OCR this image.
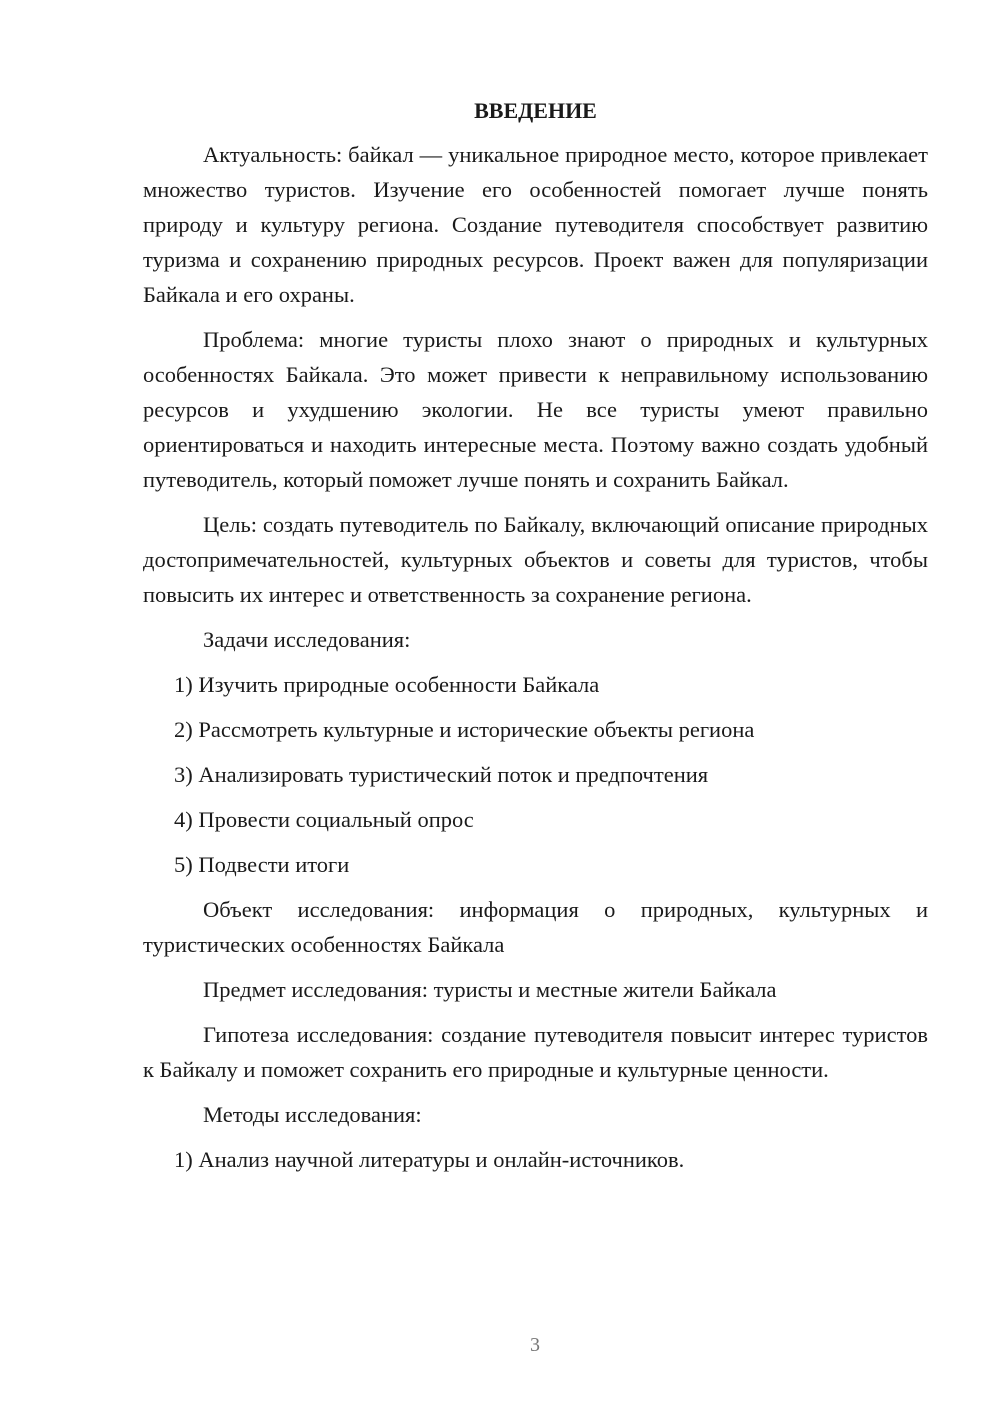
ВВЕДЕНИЕ

Актуальность: байкал — уникальное природное место, которое привлекает множество туристов. Изучение его особенностей помогает лучше понять природу и культуру региона. Создание путеводителя способствует развитию туризма и сохранению природных ресурсов. Проект важен для популяризации Байкала и его охраны.

Проблема: многие туристы плохо знают о природных и культурных особенностях Байкала. Это может привести к неправильному использованию ресурсов и ухудшению экологии. Не все туристы умеют правильно ориентироваться и находить интересные места. Поэтому важно создать удобный путеводитель, который поможет лучше понять и сохранить Байкал.

Цель: создать путеводитель по Байкалу, включающий описание природных достопримечательностей, культурных объектов и советы для туристов, чтобы повысить их интерес и ответственность за сохранение региона.

Задачи исследования:

1) Изучить природные особенности Байкала

2) Рассмотреть культурные и исторические объекты региона

3) Анализировать туристический поток и предпочтения

4) Провести социальный опрос

5) Подвести итоги

Объект исследования: информация о природных, культурных и туристических особенностях Байкала

Предмет исследования: туристы и местные жители Байкала

Гипотеза исследования: создание путеводителя повысит интерес туристов к Байкалу и поможет сохранить его природные и культурные ценности.

Методы исследования:

1) Анализ научной литературы и онлайн-источников.

3
